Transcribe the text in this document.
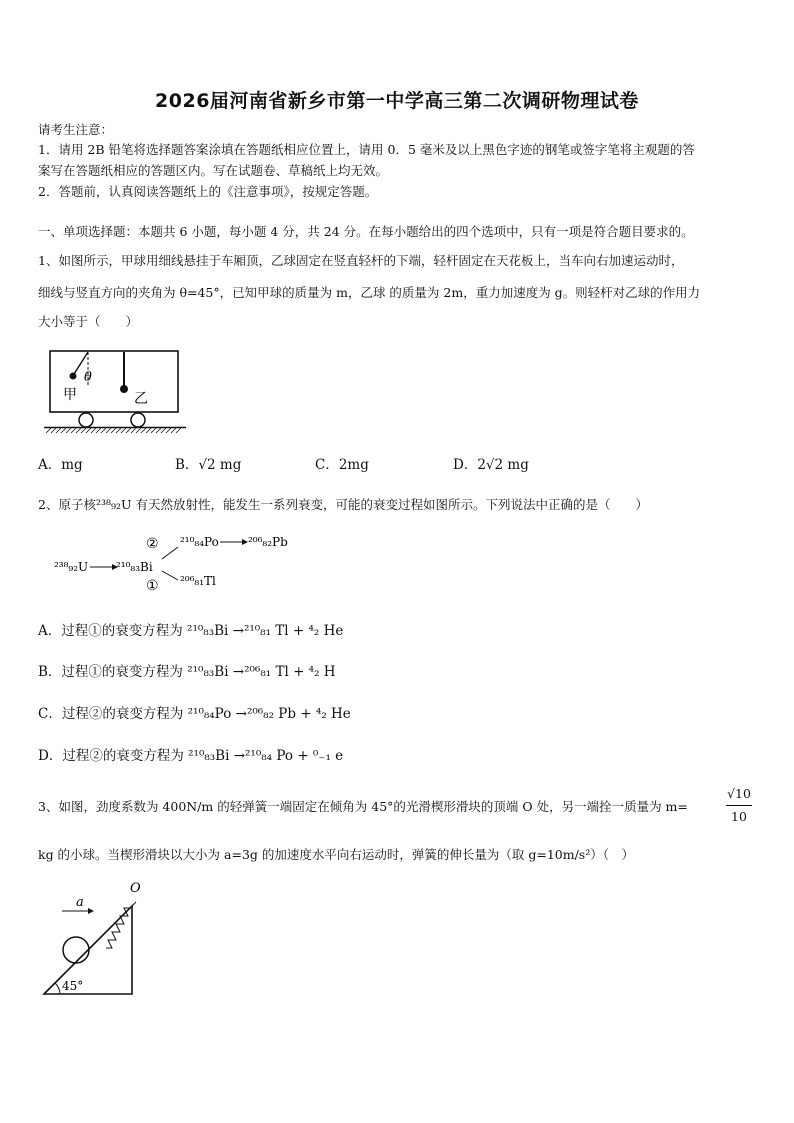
2026届河南省新乡市第一中学高三第二次调研物理试卷
请考生注意：
1．请用 2B 铅笔将选择题答案涂填在答题纸相应位置上，请用 0．5 毫米及以上黑色字迹的钢笔或签字笔将主观题的答
案写在答题纸相应的答题区内。写在试题卷、草稿纸上均无效。
2．答题前，认真阅读答题纸上的《注意事项》，按规定答题。
一、单项选择题：本题共 6 小题，每小题 4 分，共 24 分。在每小题给出的四个选项中，只有一项是符合题目要求的。
1、如图所示，甲球用细线悬挂于车厢顶，乙球固定在竖直轻杆的下端，轻杆固定在天花板上，当车向右加速运动时，
细线与竖直方向的夹角为 θ=45°，已知甲球的质量为 m，乙球 的质量为 2m，重力加速度为 g。则轻杆对乙球的作用力
大小等于（　　）
θ
甲	乙
A．mg	B．√2 mg	C．2mg	D．2√2 mg
2、原子核²³⁸₉₂U 有天然放射性，能发生一系列衰变，可能的衰变过程如图所示。下列说法中正确的是（　　）
²³⁸₉₂U ²¹⁰₈₃Bi
②
①
²¹⁰₈₄Po ²⁰⁶₈₂Pb
²⁰⁶₈₁Tl
A．过程①的衰变方程为 ²¹⁰₈₃Bi →²¹⁰₈₁ Tl + ⁴₂ He
B．过程①的衰变方程为 ²¹⁰₈₃Bi →²⁰⁶₈₁ Tl + ⁴₂ H
C．过程②的衰变方程为 ²¹⁰₈₄Po →²⁰⁶₈₂ Pb + ⁴₂ He
D．过程②的衰变方程为 ²¹⁰₈₃Bi →²¹⁰₈₄ Po + ⁰₋₁ e
3、如图，劲度系数为 400N/m 的轻弹簧一端固定在倾角为 45°的光滑楔形滑块的顶端 O 处，另一端拴一质量为 m=
√10
10
kg 的小球。当楔形滑块以大小为 a=3g 的加速度水平向右运动时，弹簧的伸长量为（取 g=10m/s²）（　）
O
a
45°
